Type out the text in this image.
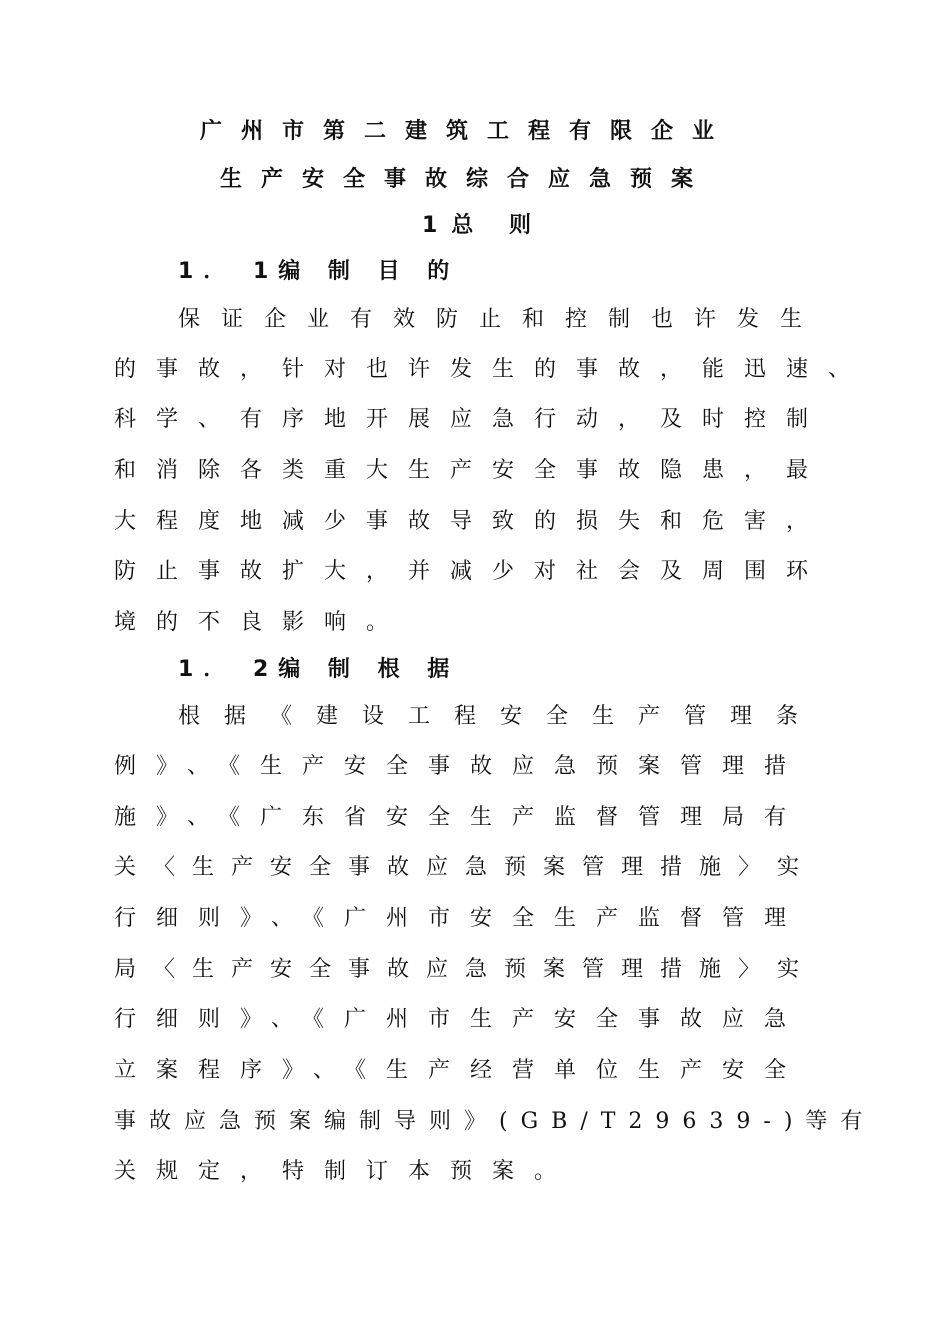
广州市第二建筑工程有限企业
生产安全事故综合应急预案
1总 则
1． 1编 制 目 的
保证企业有效防止和控制也许发生
的事故，针对也许发生的事故，能迅速、
科学、有序地开展应急行动，及时控制
和消除各类重大生产安全事故隐患，最
大程度地减少事故导致的损失和危害，
防止事故扩大，并减少对社会及周围环
境的不良影响。
1． 2编 制 根 据
根据《建设工程安全生产管理条
例》、《生产安全事故应急预案管理措
施》、《广东省安全生产监督管理局有
关〈生产安全事故应急预案管理措施〉实
行细则》、《广州市安全生产监督管理
局〈生产安全事故应急预案管理措施〉实
行细则》、《广州市生产安全事故应急
立案程序》、《生产经营单位生产安全
事故应急预案编制导则》(GB/T29639-)等有
关规定，特制订本预案。
